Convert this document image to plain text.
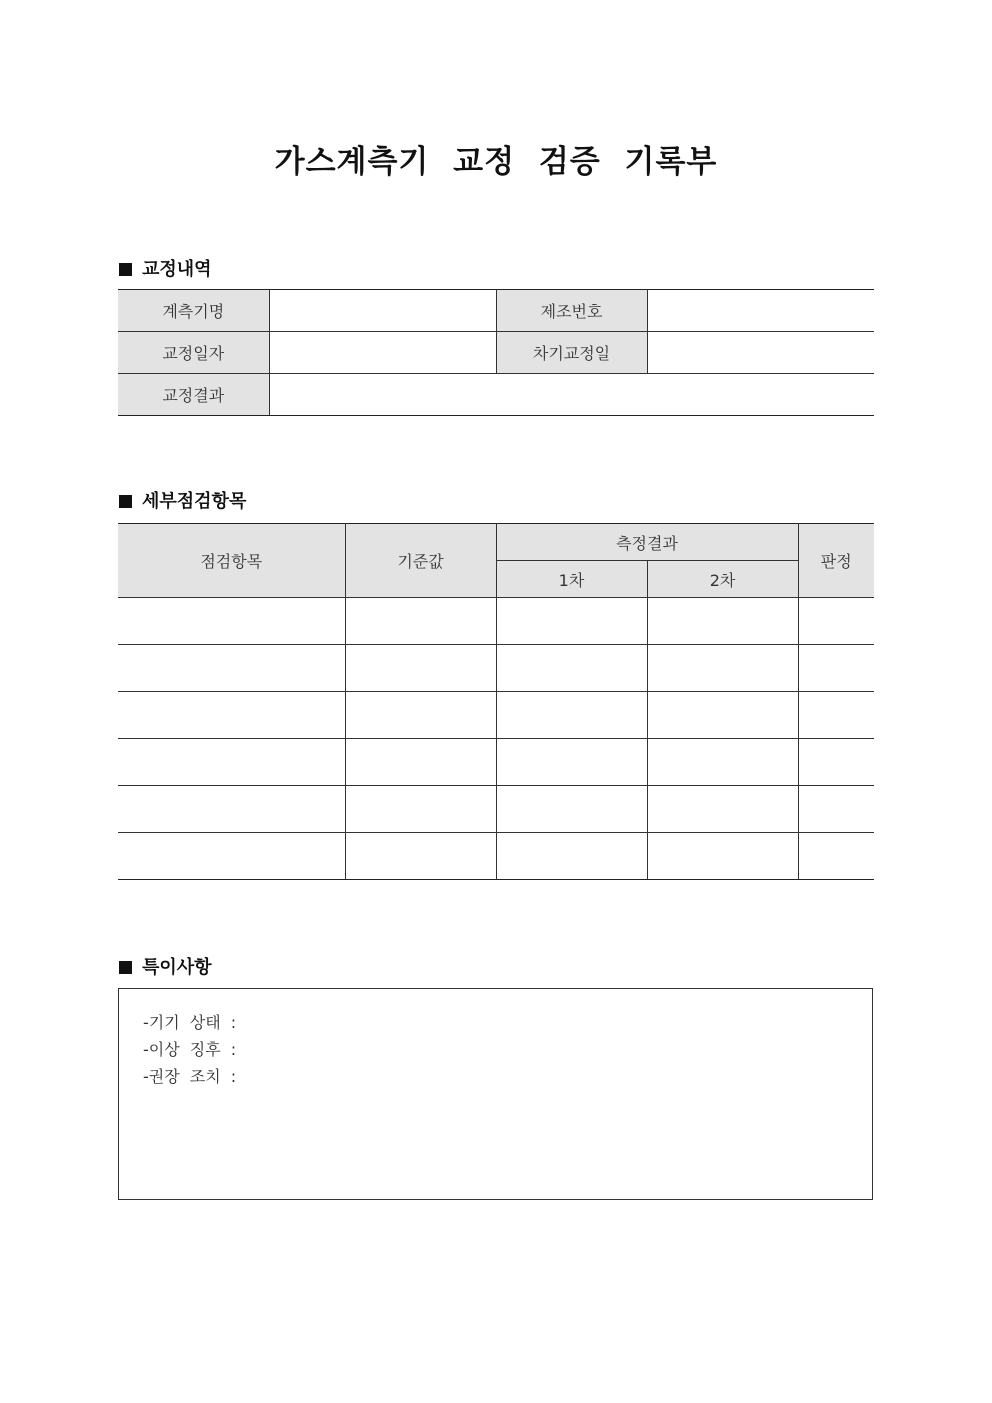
가스계측기 교정 검증 기록부
교정내역
계측기명		제조번호	
교정일자		차기교정일	
교정결과			
세부점검항목
점검항목	기준값	측정결과		판정
		1차	2차	

특이사항
-기기 상태 :
-이상 징후 :
-권장 조치 :
